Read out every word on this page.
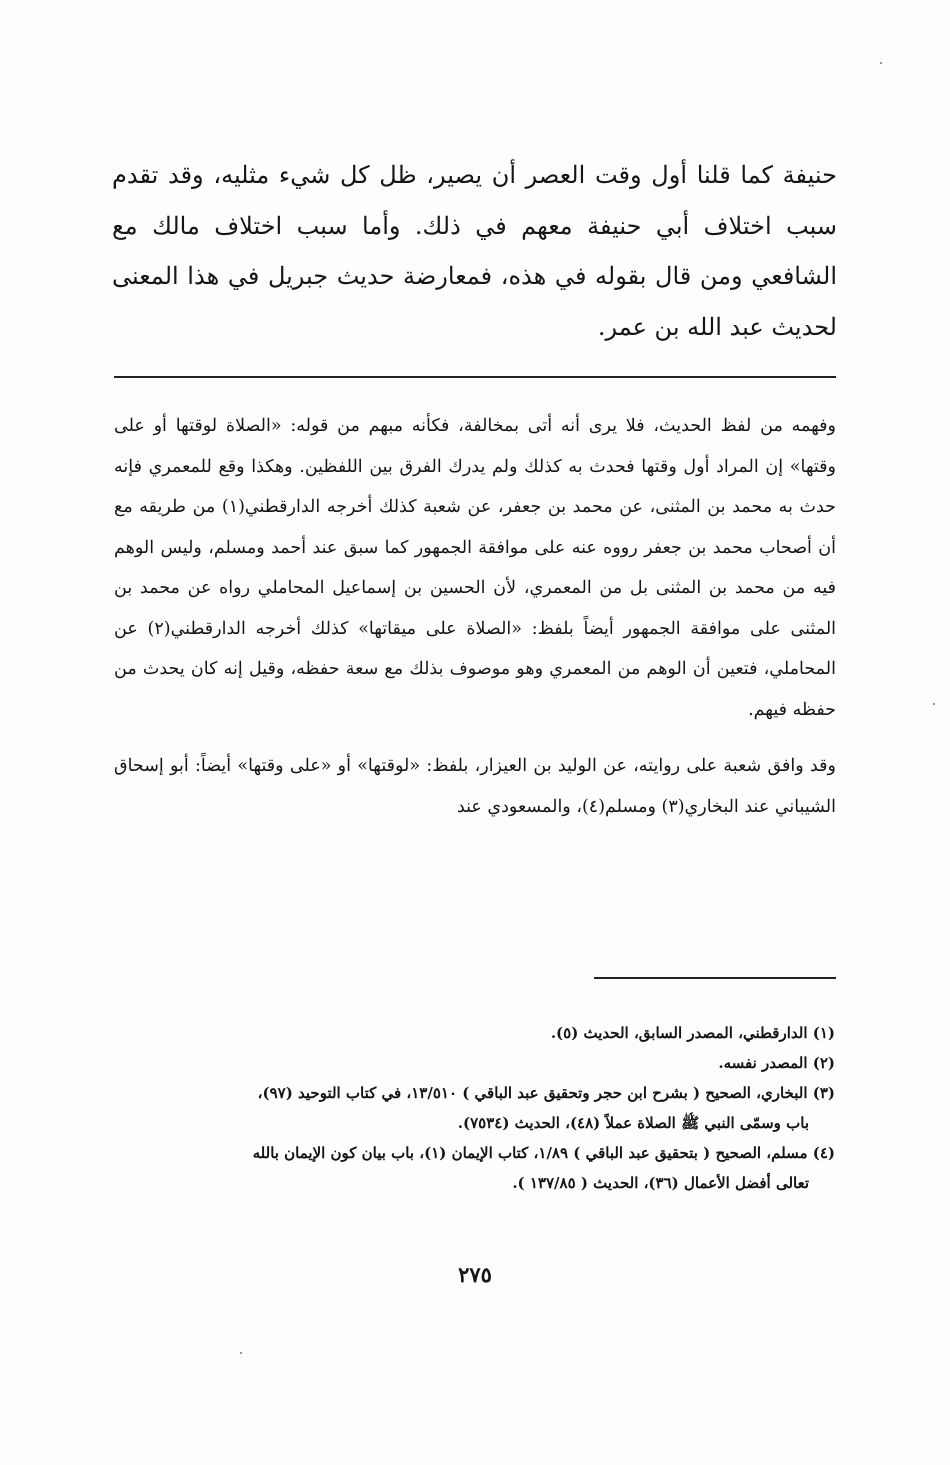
حنيفة كما قلنا أول وقت العصر أن يصير، ظل كل شيء مثليه، وقد تقدم سبب اختلاف أبي حنيفة معهم في ذلك. وأما سبب اختلاف مالك مع الشافعي ومن قال بقوله في هذه، فمعارضة حديث جبريل في هذا المعنى لحديث عبد الله بن عمر.

وفهمه من لفظ الحديث، فلا يرى أنه أتى بمخالفة، فكأنه مبهم من قوله: «الصلاة لوقتها أو على وقتها» إن المراد أول وقتها فحدث به كذلك ولم يدرك الفرق بين اللفظين. وهكذا وقع للمعمري فإنه حدث به محمد بن المثنى، عن محمد بن جعفر، عن شعبة كذلك أخرجه الدارقطني(١) من طريقه مع أن أصحاب محمد بن جعفر رووه عنه على موافقة الجمهور كما سبق عند أحمد ومسلم، وليس الوهم فيه من محمد بن المثنى بل من المعمري، لأن الحسين بن إسماعيل المحاملي رواه عن محمد بن المثنى على موافقة الجمهور أيضاً بلفظ: «الصلاة على ميقاتها» كذلك أخرجه الدارقطني(٢) عن المحاملي، فتعين أن الوهم من المعمري وهو موصوف بذلك مع سعة حفظه، وقيل إنه كان يحدث من حفظه فيهم.

وقد وافق شعبة على روايته، عن الوليد بن العيزار، بلفظ: «لوقتها» أو «على وقتها» أيضاً: أبو إسحاق الشيباني عند البخاري(٣) ومسلم(٤)، والمسعودي عند

(١) الدارقطني، المصدر السابق، الحديث (٥).

(٢) المصدر نفسه.

(٣) البخاري، الصحيح ( بشرح ابن حجر وتحقيق عبد الباقي ) ١٣/٥١٠، في كتاب التوحيد (٩٧)،

باب وسمّى النبي ﷺ الصلاة عملاً (٤٨)، الحديث (٧٥٣٤).

(٤) مسلم، الصحيح ( بتحقيق عبد الباقي ) ١/٨٩، كتاب الإيمان (١)، باب بيان كون الإيمان بالله

تعالى أفضل الأعمال (٣٦)، الحديث ( ١٣٧/٨٥ ).

٢٧٥
